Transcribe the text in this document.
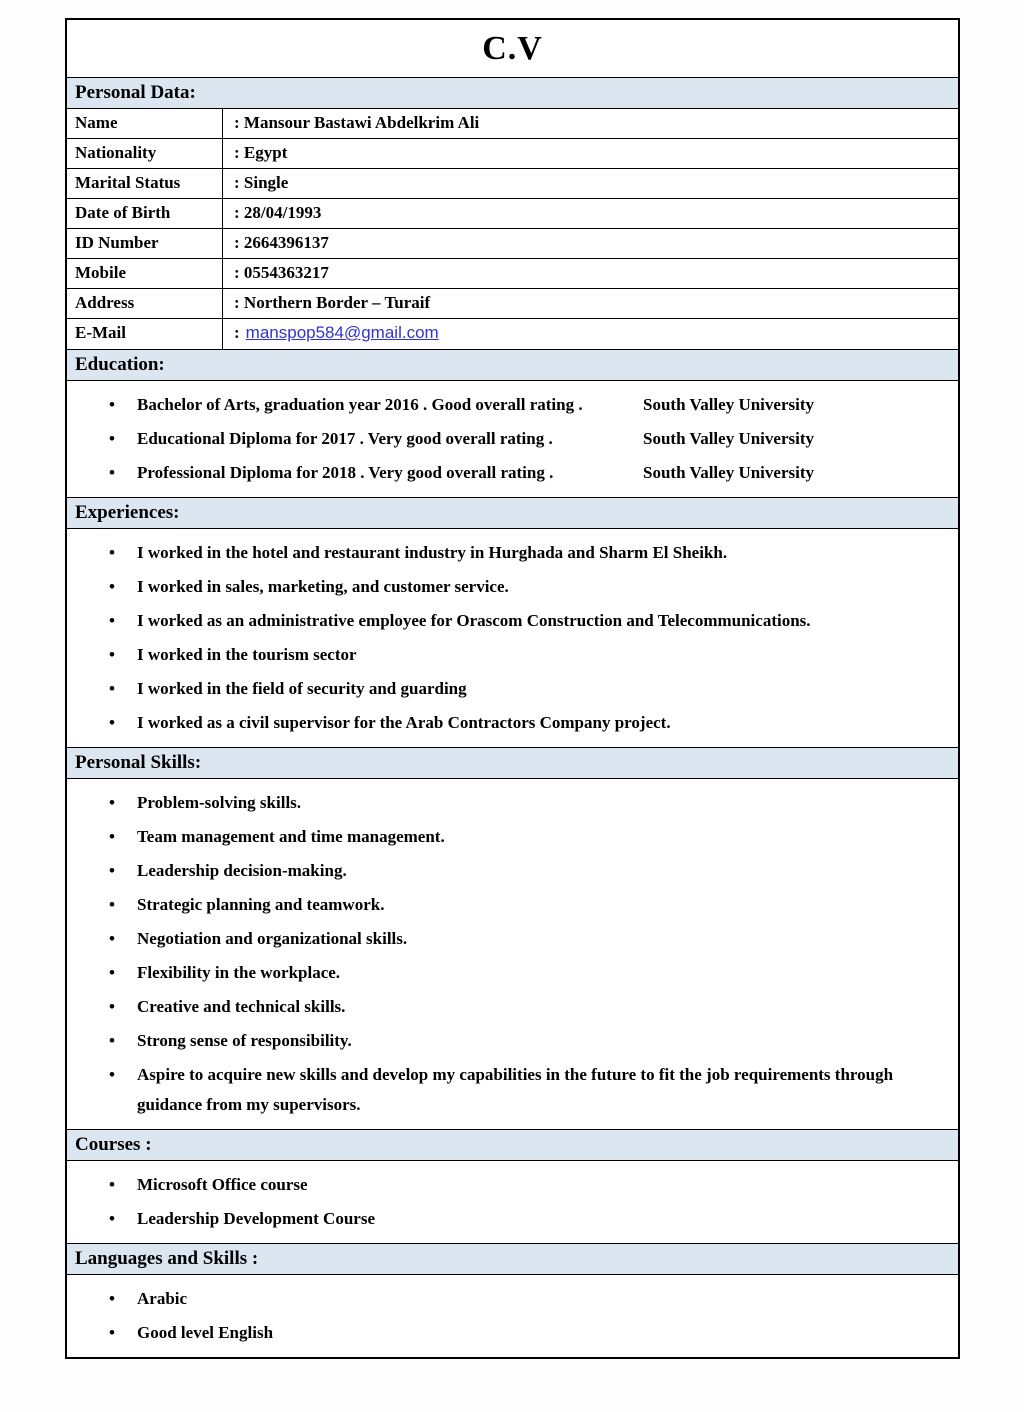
C.V
Personal Data:
Name	: Mansour Bastawi Abdelkrim Ali
Nationality	: Egypt
Marital Status	: Single
Date of Birth	: 28/04/1993
ID Number	: 2664396137
Mobile	: 0554363217
Address	: Northern Border – Turaif
E-Mail	: manspop584@gmail.com
Education:
• Bachelor of Arts, graduation year 2016 . Good overall rating .	South Valley University
• Educational Diploma for 2017 . Very good overall rating .	South Valley University
• Professional Diploma for 2018 . Very good overall rating .	South Valley University
Experiences:
• I worked in the hotel and restaurant industry in Hurghada and Sharm El Sheikh.
• I worked in sales, marketing, and customer service.
• I worked as an administrative employee for Orascom Construction and Telecommunications.
• I worked in the tourism sector
• I worked in the field of security and guarding
• I worked as a civil supervisor for the Arab Contractors Company project.
Personal Skills:
• Problem-solving skills.
• Team management and time management.
• Leadership decision-making.
• Strategic planning and teamwork.
• Negotiation and organizational skills.
• Flexibility in the workplace.
• Creative and technical skills.
• Strong sense of responsibility.
• Aspire to acquire new skills and develop my capabilities in the future to fit the job requirements through guidance from my supervisors.
Courses :
• Microsoft Office course
• Leadership Development Course
Languages and Skills :
• Arabic
• Good level English
